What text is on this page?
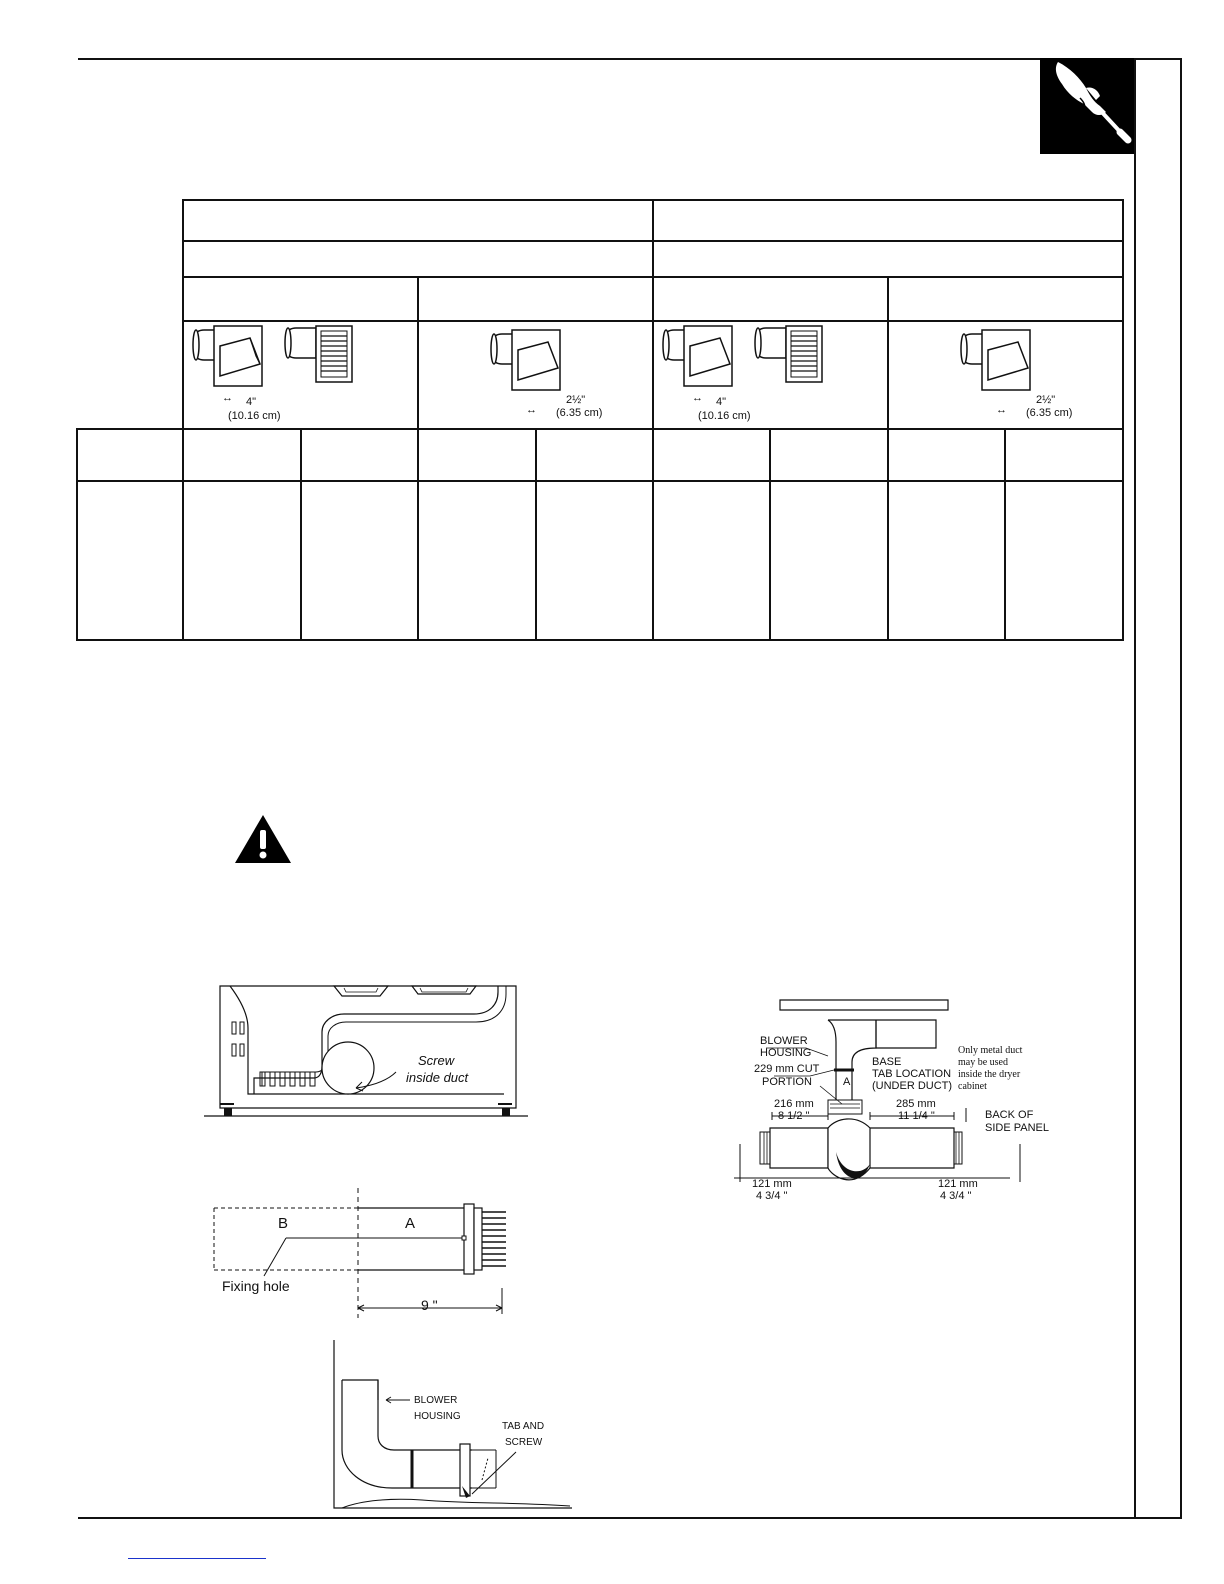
↔ 4"
(10.16 cm)
2½"
↔ (6.35 cm)
↔ 4"
(10.16 cm)
2½"
↔ (6.35 cm)
Screw
inside duct
B	A
Fixing hole
9 "
BLOWER
HOUSING
TAB AND
SCREW
BLOWER
HOUSING
229 mm CUT
PORTION	A
BASE
TAB LOCATION
(UNDER DUCT)
Only metal duct
may be used
inside the dryer
cabinet
216 mm
8 1/2 "
285 mm
11 1/4 "	BACK OF
SIDE PANEL
121 mm
4 3/4 "
121 mm
4 3/4 "
